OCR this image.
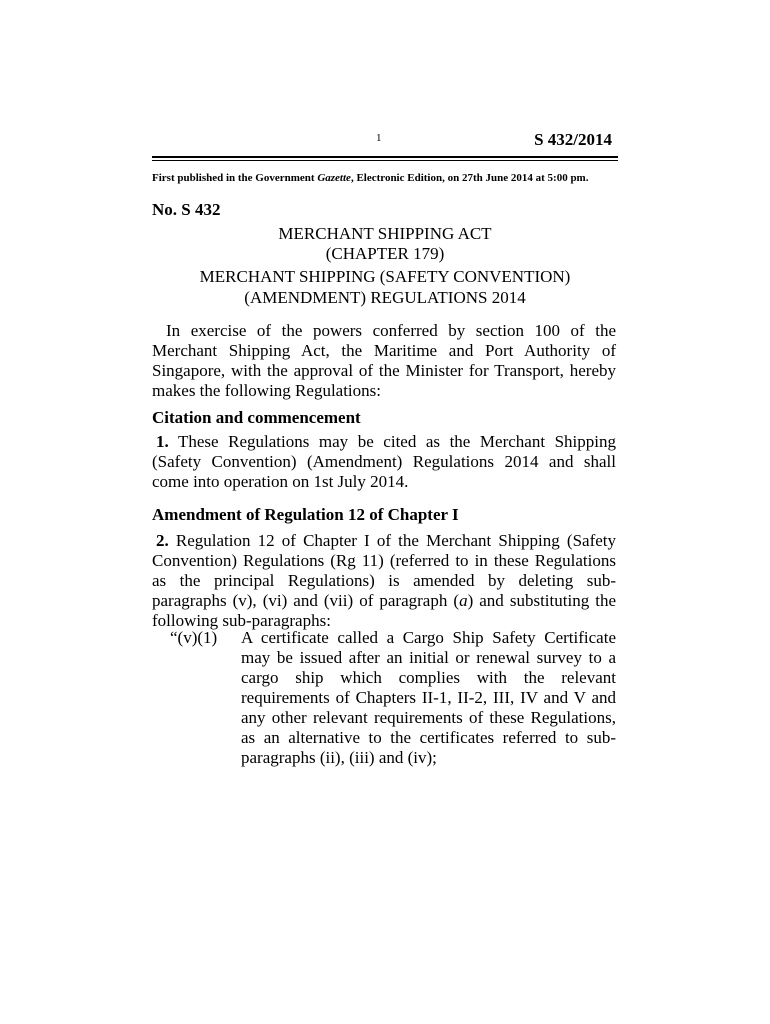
1	S 432/2014
First published in the Government Gazette, Electronic Edition, on 27th June 2014 at 5:00 pm.
No. S 432
MERCHANT SHIPPING ACT
(CHAPTER 179)
MERCHANT SHIPPING (SAFETY CONVENTION)
(AMENDMENT) REGULATIONS 2014
In exercise of the powers conferred by section 100 of the Merchant Shipping Act, the Maritime and Port Authority of Singapore, with the approval of the Minister for Transport, hereby makes the following Regulations:
Citation and commencement
1. These Regulations may be cited as the Merchant Shipping (Safety Convention) (Amendment) Regulations 2014 and shall come into operation on 1st July 2014.
Amendment of Regulation 12 of Chapter I
2. Regulation 12 of Chapter I of the Merchant Shipping (Safety Convention) Regulations (Rg 11) (referred to in these Regulations as the principal Regulations) is amended by deleting sub-paragraphs (v), (vi) and (vii) of paragraph (a) and substituting the following sub-paragraphs:
“(v)(1)	A certificate called a Cargo Ship Safety Certificate may be issued after an initial or renewal survey to a cargo ship which complies with the relevant requirements of Chapters II-1, II-2, III, IV and V and any other relevant requirements of these Regulations, as an alternative to the certificates referred to sub-paragraphs (ii), (iii) and (iv);
